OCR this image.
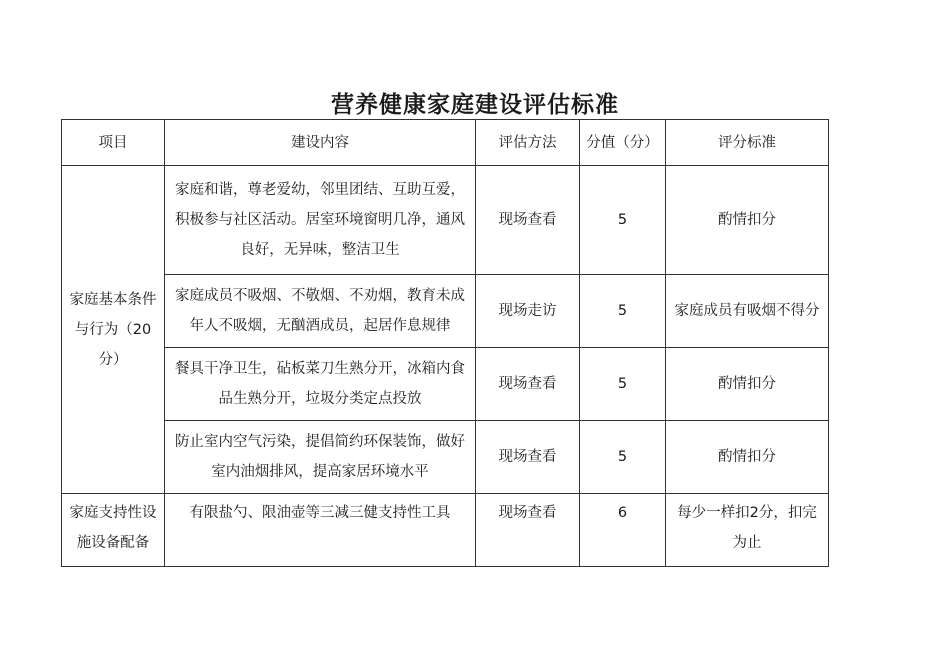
营养健康家庭建设评估标准
项目	建设内容	评估方法	分值（分）	评分标准
家庭基本条件与行为（20分）	家庭和谐，尊老爱幼，邻里团结、互助互爱，积极参与社区活动。居室环境窗明几净，通风良好，无异味，整洁卫生	现场查看	5	酌情扣分
	家庭成员不吸烟、不敬烟、不劝烟，教育未成年人不吸烟，无酗酒成员，起居作息规律	现场走访	5	家庭成员有吸烟不得分
	餐具干净卫生，砧板菜刀生熟分开，冰箱内食品生熟分开，垃圾分类定点投放	现场查看	5	酌情扣分
	防止室内空气污染，提倡简约环保装饰，做好室内油烟排风，提高家居环境水平	现场查看	5	酌情扣分
家庭支持性设施设备配备	有限盐勺、限油壶等三减三健支持性工具	现场查看	6	每少一样扣2分，扣完为止
